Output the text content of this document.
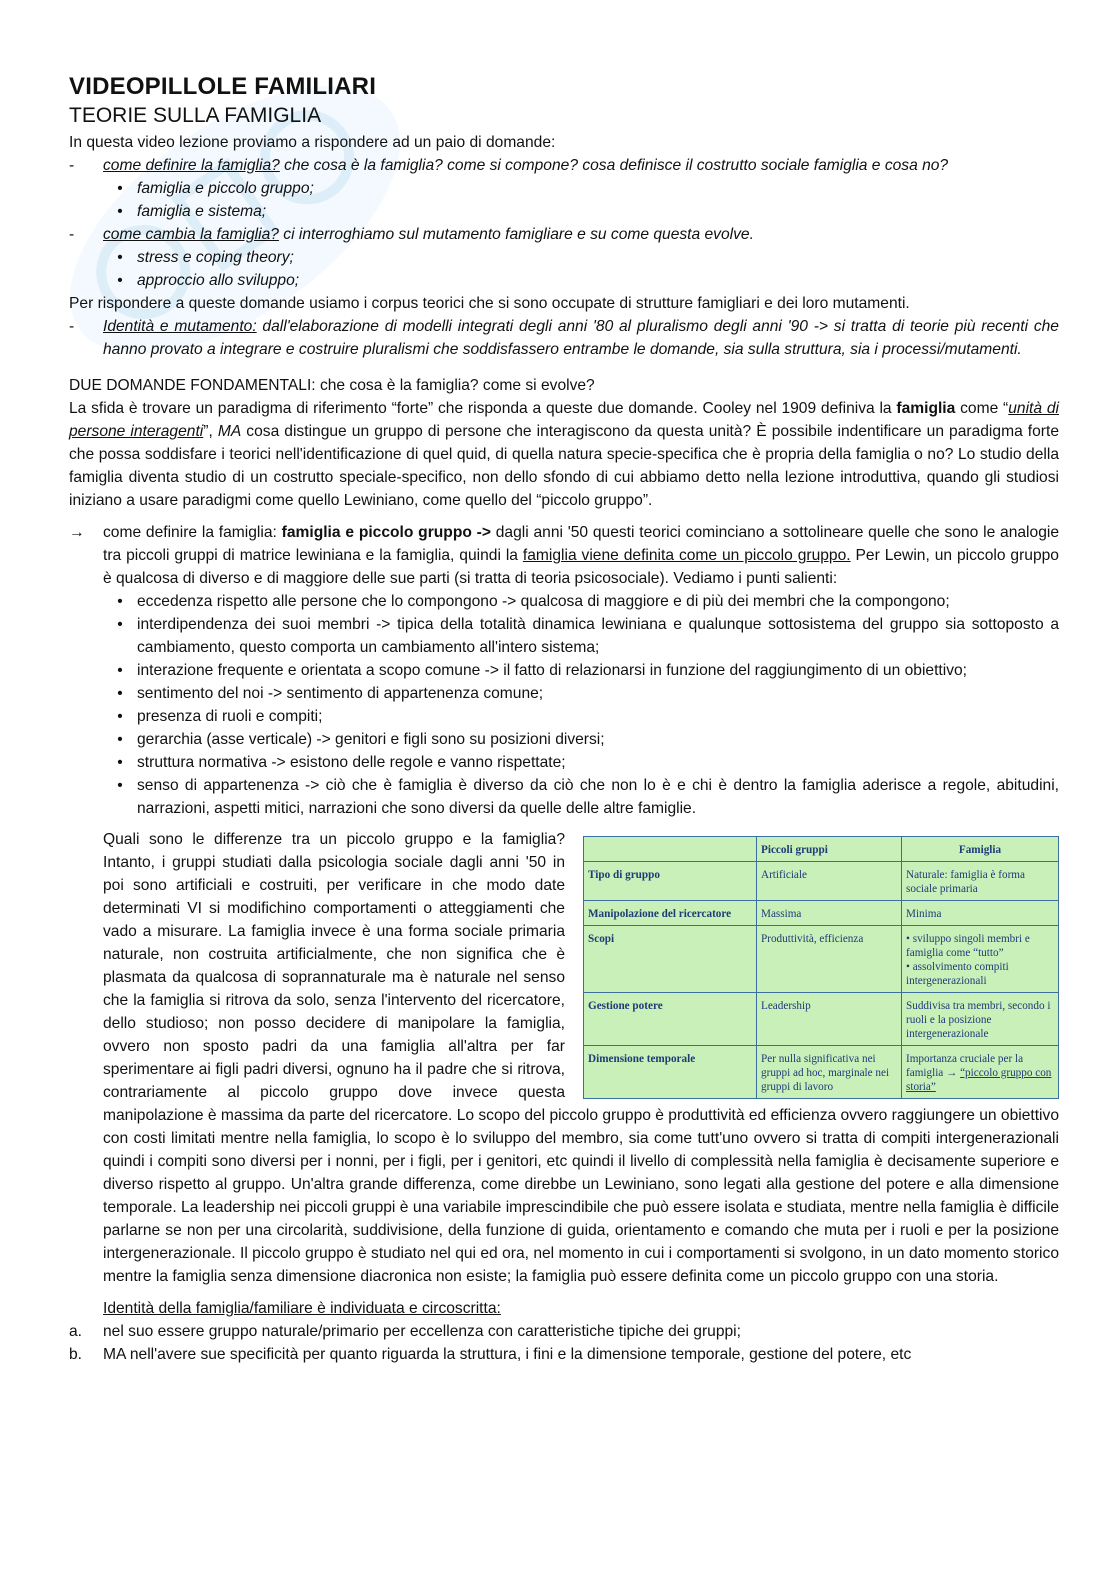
VIDEOPILLOLE FAMILIARI
TEORIE SULLA FAMIGLIA

In questa video lezione proviamo a rispondere ad un paio di domande:

-	come definire la famiglia? che cosa è la famiglia? come si compone? cosa definisce il costrutto sociale famiglia e cosa no?
• famiglia e piccolo gruppo;
• famiglia e sistema;
-	come cambia la famiglia? ci interroghiamo sul mutamento famigliare e su come questa evolve.
• stress e coping theory;
• approccio allo sviluppo;

Per rispondere a queste domande usiamo i corpus teorici che si sono occupate di strutture famigliari e dei loro mutamenti.

-	Identità e mutamento: dall'elaborazione di modelli integrati degli anni '80 al pluralismo degli anni '90 -> si tratta di teorie più recenti che hanno provato a integrare e costruire pluralismi che soddisfassero entrambe le domande, sia sulla struttura, sia i processi/mutamenti.

DUE DOMANDE FONDAMENTALI: che cosa è la famiglia? come si evolve?

La sfida è trovare un paradigma di riferimento “forte” che risponda a queste due domande. Cooley nel 1909 definiva la famiglia come “unità di persone interagenti”, MA cosa distingue un gruppo di persone che interagiscono da questa unità? È possibile indentificare un paradigma forte che possa soddisfare i teorici nell'identificazione di quel quid, di quella natura specie-specifica che è propria della famiglia o no? Lo studio della famiglia diventa studio di un costrutto speciale-specifico, non dello sfondo di cui abbiamo detto nella lezione introduttiva, quando gli studiosi iniziano a usare paradigmi come quello Lewiniano, come quello del “piccolo gruppo”.

→	come definire la famiglia: famiglia e piccolo gruppo -> dagli anni '50 questi teorici cominciano a sottolineare quelle che sono le analogie tra piccoli gruppi di matrice lewiniana e la famiglia, quindi la famiglia viene definita come un piccolo gruppo. Per Lewin, un piccolo gruppo è qualcosa di diverso e di maggiore delle sue parti (si tratta di teoria psicosociale). Vediamo i punti salienti:
• eccedenza rispetto alle persone che lo compongono -> qualcosa di maggiore e di più dei membri che la compongono;
• interdipendenza dei suoi membri -> tipica della totalità dinamica lewiniana e qualunque sottosistema del gruppo sia sottoposto a cambiamento, questo comporta un cambiamento all'intero sistema;
• interazione frequente e orientata a scopo comune -> il fatto di relazionarsi in funzione del raggiungimento di un obiettivo;
• sentimento del noi -> sentimento di appartenenza comune;
• presenza di ruoli e compiti;
• gerarchia (asse verticale) -> genitori e figli sono su posizioni diversi;
• struttura normativa -> esistono delle regole e vanno rispettate;
• senso di appartenenza -> ciò che è famiglia è diverso da ciò che non lo è e chi è dentro la famiglia aderisce a regole, abitudini, narrazioni, aspetti mitici, narrazioni che sono diversi da quelle delle altre famiglie.
	Piccoli gruppi	Famiglia
Tipo di gruppo	Artificiale	Naturale: famiglia è forma sociale primaria
Manipolazione del ricercatore	Massima	Minima
Scopi	Produttività, efficienza	• sviluppo singoli membri e famiglia come “tutto”
• assolvimento compiti intergenerazionali

Gestione potere	Leadership	Suddivisa tra membri, secondo i ruoli e la posizione intergenerazionale
Dimensione temporale	Per nulla significativa nei gruppi ad hoc, marginale nei gruppi di lavoro	Importanza cruciale per la famiglia → “piccolo gruppo con storia”

Quali sono le differenze tra un piccolo gruppo e la famiglia? Intanto, i gruppi studiati dalla psicologia sociale dagli anni '50 in poi sono artificiali e costruiti, per verificare in che modo date determinati VI si modifichino comportamenti o atteggiamenti che vado a misurare. La famiglia invece è una forma sociale primaria naturale, non costruita artificialmente, che non significa che è plasmata da qualcosa di soprannaturale ma è naturale nel senso che la famiglia si ritrova da solo, senza l'intervento del ricercatore, dello studioso; non posso decidere di manipolare la famiglia, ovvero non sposto padri da una famiglia all'altra per far sperimentare ai figli padri diversi, ognuno ha il padre che si ritrova, contrariamente al piccolo gruppo dove invece questa manipolazione è massima da parte del ricercatore. Lo scopo del piccolo gruppo è produttività ed efficienza ovvero raggiungere un obiettivo con costi limitati mentre nella famiglia, lo scopo è lo sviluppo del membro, sia come tutt'uno ovvero si tratta di compiti intergenerazionali quindi i compiti sono diversi per i nonni, per i figli, per i genitori, etc quindi il livello di complessità nella famiglia è decisamente superiore e diverso rispetto al gruppo. Un'altra grande differenza, come direbbe un Lewiniano, sono legati alla gestione del potere e alla dimensione temporale. La leadership nei piccoli gruppi è una variabile imprescindibile che può essere isolata e studiata, mentre nella famiglia è difficile parlarne se non per una circolarità, suddivisione, della funzione di guida, orientamento e comando che muta per i ruoli e per la posizione intergenerazionale. Il piccolo gruppo è studiato nel qui ed ora, nel momento in cui i comportamenti si svolgono, in un dato momento storico mentre la famiglia senza dimensione diacronica non esiste; la famiglia può essere definita come un piccolo gruppo con una storia.

Identità della famiglia/familiare è individuata e circoscritta:

a.	nel suo essere gruppo naturale/primario per eccellenza con caratteristiche tipiche dei gruppi;
b.	MA nell'avere sue specificità per quanto riguarda la struttura, i fini e la dimensione temporale, gestione del potere, etc
